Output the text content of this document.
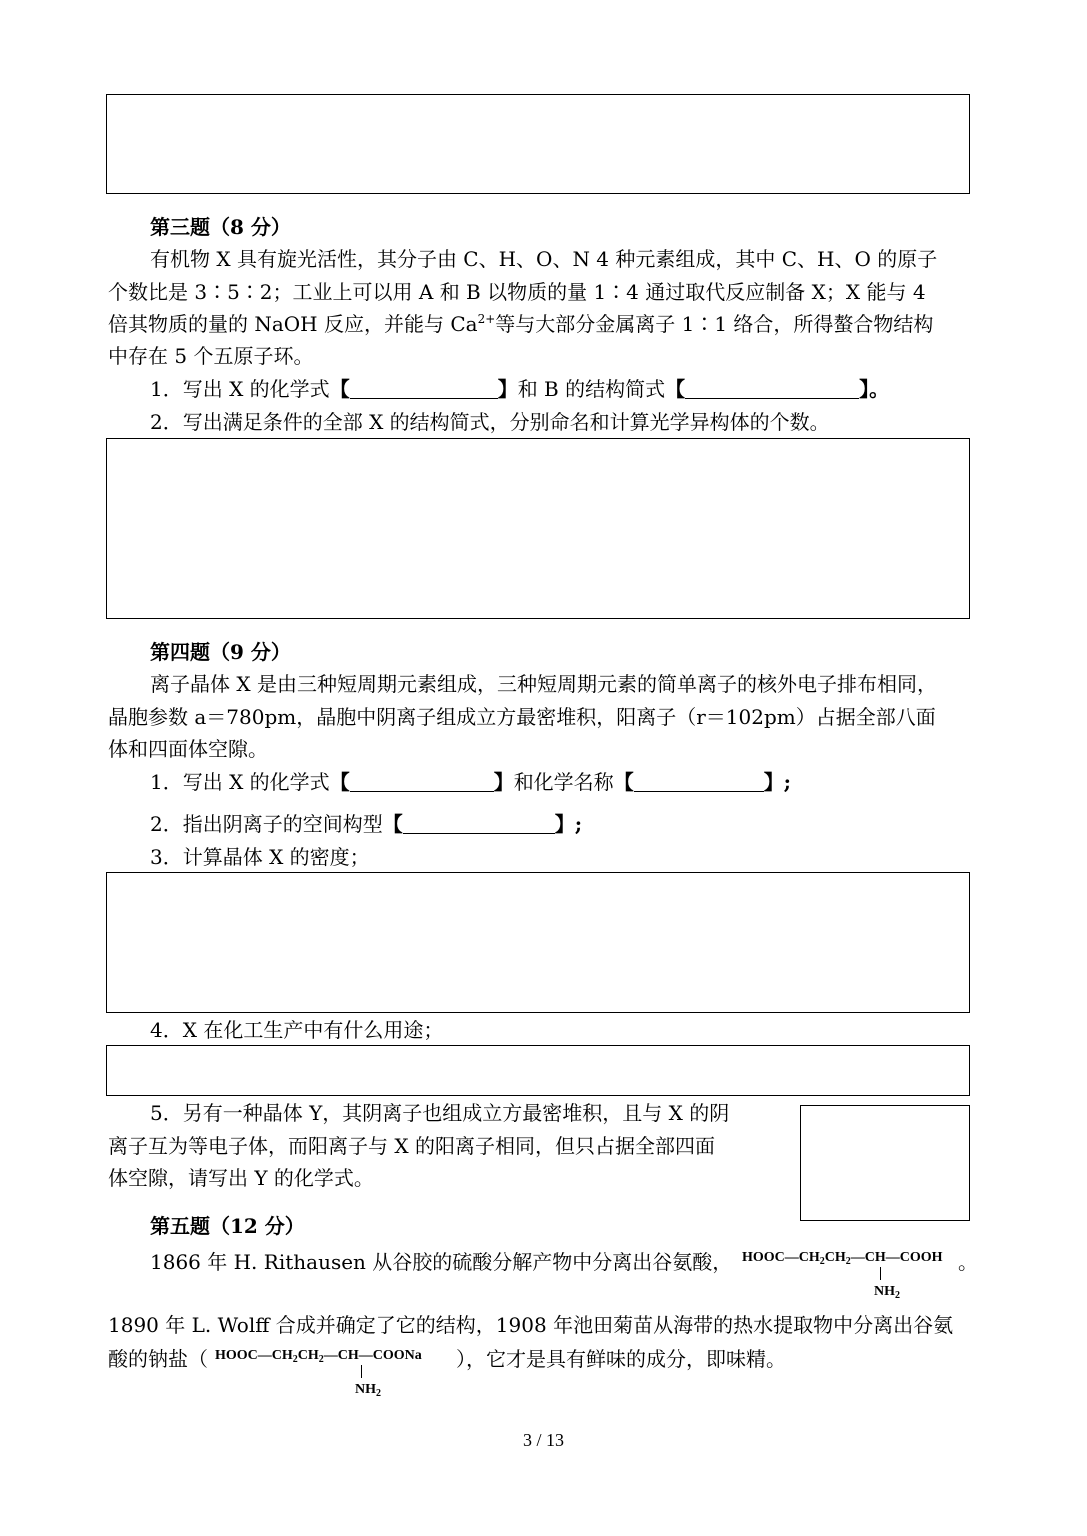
第三题（8 分）
有机物 X 具有旋光活性，其分子由 C、H、O、N 4 种元素组成，其中 C、H、O 的原子
个数比是 3∶5∶2；工业上可以用 A 和 B 以物质的量 1∶4 通过取代反应制备 X；X 能与 4
倍其物质的量的 NaOH 反应，并能与 $Ca^{2+}$等与大部分金属离子 1∶1 络合，所得螯合物结构
中存在 5 个五原子环。
1．写出 X 的化学式【	】和 B 的结构简式【	】。
2．写出满足条件的全部 X 的结构简式，分别命名和计算光学异构体的个数。
第四题（9 分）
离子晶体 X 是由三种短周期元素组成，三种短周期元素的简单离子的核外电子排布相同，
晶胞参数 a＝780pm，晶胞中阴离子组成立方最密堆积，阳离子（r＝102pm）占据全部八面
体和四面体空隙。
1．写出 X 的化学式【	】和化学名称【	】;
2．指出阴离子的空间构型【	】;
3．计算晶体 X 的密度；
4．X 在化工生产中有什么用途；
5．另有一种晶体 Y，其阴离子也组成立方最密堆积，且与 X 的阴
离子互为等电子体，而阳离子与 X 的阳离子相同，但只占据全部四面
体空隙，请写出 Y 的化学式。
第五题（12 分）
1866 年 H. Rithausen 从谷胶的硫酸分解产物中分离出谷氨酸，	。
$HOOC—CH_2CH_2—CH—COOH$
$NH_2$
1890 年 L. Wolff 合成并确定了它的结构，1908 年池田菊苗从海带的热水提取物中分离出谷氨
酸的钠盐（	），它才是具有鲜味的成分，即味精。
$HOOC—CH_2CH_2—CH—COONa$
$NH_2$
3 / 13
